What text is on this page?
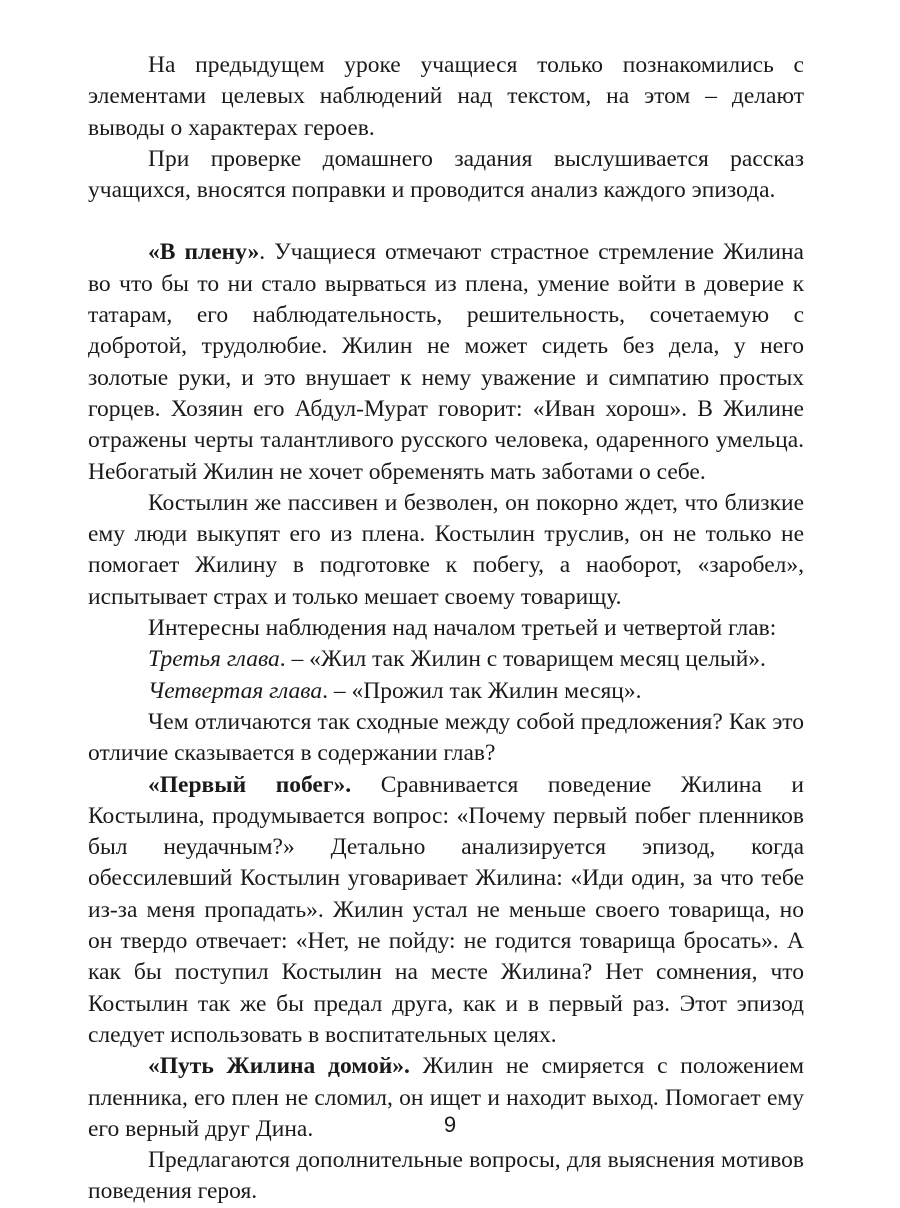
На предыдущем уроке учащиеся только познакомились с элементами целевых наблюдений над текстом, на этом – делают выводы о характерах героев.

При проверке домашнего задания выслушивается рассказ учащихся, вносятся поправки и проводится анализ каждого эпизода.

«В плену». Учащиеся отмечают страстное стремление Жилина во что бы то ни стало вырваться из плена, умение войти в доверие к татарам, его наблюдательность, решительность, сочетаемую с добротой, трудолюбие. Жилин не может сидеть без дела, у него золотые руки, и это внушает к нему уважение и симпатию простых горцев. Хозяин его Абдул-Мурат говорит: «Иван хорош». В Жилине отражены черты талантливого русского человека, одаренного умельца. Небогатый Жилин не хочет обременять мать заботами о себе.

Костылин же пассивен и безволен, он покорно ждет, что близкие ему люди выкупят его из плена. Костылин труслив, он не только не помогает Жилину в подготовке к побегу, а наоборот, «заробел», испытывает страх и только мешает своему товарищу.

Интересны наблюдения над началом третьей и четвертой глав:

Третья глава. – «Жил так Жилин с товарищем месяц целый».

Четвертая глава. – «Прожил так Жилин месяц».

Чем отличаются так сходные между собой предложения? Как это отличие сказывается в содержании глав?

«Первый побег». Сравнивается поведение Жилина и Костылина, продумывается вопрос: «Почему первый побег пленников был неудачным?» Детально анализируется эпизод, когда обессилевший Костылин уговаривает Жилина: «Иди один, за что тебе из-за меня пропадать». Жилин устал не меньше своего товарища, но он твердо отвечает: «Нет, не пойду: не годится товарища бросать». А как бы поступил Костылин на месте Жилина? Нет сомнения, что Костылин так же бы предал друга, как и в первый раз. Этот эпизод следует использовать в воспитательных целях.

«Путь Жилина домой». Жилин не смиряется с положением пленника, его плен не сломил, он ищет и находит выход. Помогает ему его верный друг Дина.

Предлагаются дополнительные вопросы, для выяснения мотивов поведения героя.

9
